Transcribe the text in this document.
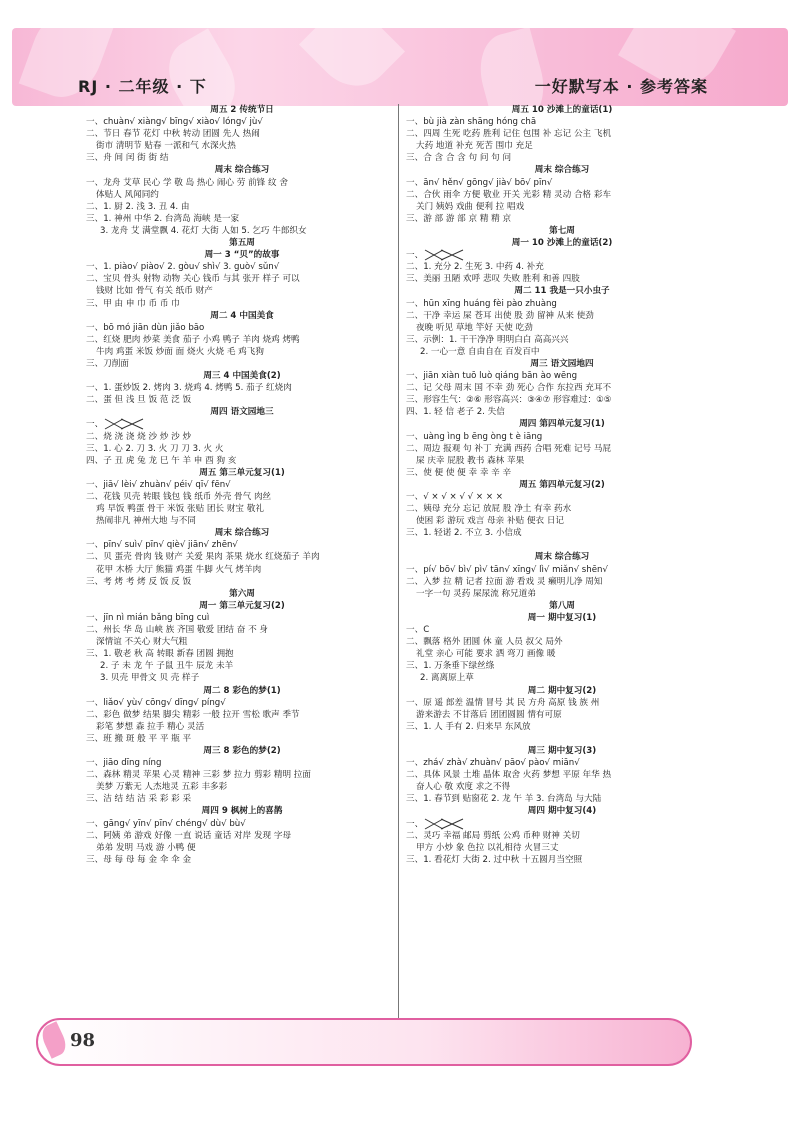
RJ · 二年级 · 下	一好默写本 · 参考答案
周五 2 传统节日
一、chuàn√ xiàng√ bīng√ xiào√ lóng√ jù√
二、节日 春节 花灯 中秋 转动 团圆 先人 热闹
街市 清明节 贴春 一派和气 水深火热
三、舟 间 闰 街 街 结
周末 综合练习
一、龙舟 艾草 民心 学 敬 岛 热心 闹心 劳 前锋 纹 舍
体贴人 风闻同约
二、1. 厨 2. 浅 3. 丑 4. 由
三、1. 神州 中华 2. 台湾岛 海峡 是一家
3. 龙舟 艾 满堂飘 4. 花灯 大街 人如 5. 乞巧 牛郎织女
第五周
周一 3 “贝”的故事
一、1. piào√ piào√ 2. gòu√ shì√ 3. guò√ sǔn√
二、宝贝 骨头 射物 动物 关心 钱币 与其 张开 样子 可以
钱财 比如 骨气 有关 纸币 财产
三、甲 由 申 巾 币 币 巾
周二 4 中国美食
一、bō mó jiān dùn jiǎo bāo
二、红烧 肥肉 炒菜 美食 茄子 小鸡 鸭子 羊肉 烧鸡 烤鸭
牛肉 鸡蛋 米饭 炒面 面 烧火 火烧 毛 鸡飞狗
三、刀削面
周三 4 中国美食(2)
一、1. 蛋炒饭 2. 烤肉 3. 烧鸡 4. 烤鸭 5. 茄子 红烧肉
二、蛋 但 浅 旦 饭 范 泛 饭
周四 语文园地三
一、
二、烧 浇 浇 烧 沙 炒 沙 炒
三、1. 心 2. 刀 3. 火 刀 刀 3. 火 火
四、子 丑 虎 兔 龙 巳 午 羊 申 酉 狗 亥
周五 第三单元复习(1)
一、jiā√ lèi√ zhuàn√ péi√ qī√ fēn√
二、花钱 贝壳 转眼 钱包 钱 纸币 外壳 骨气 肉丝
鸡 早饭 鸭蛋 骨干 米饭 张贴 团长 财宝 敬礼
热闹非凡 神州大地 与不同
周末 综合练习
一、pīn√ suì√ pīn√ qiè√ jiān√ zhēn√
二、贝 蛋壳 骨肉 钱 财产 关爱 果肉 茶果 烧水 红烧茄子 羊肉
花甲 木桥 大厅 熊猫 鸡蛋 牛脚 火气 烤羊肉
三、考 烤 考 烤 反 饭 反 饭
第六周
周一 第三单元复习(2)
一、jīn nì mián bǎng bīng cuì
二、州长 华 岛 山峡 族 齐国 敬爱 团结 奋 不 身
深情谊 不关心 财大气粗
三、1. 敬老 秋 高 转眼 新春 团圆 拥抱
2. 子 未 龙 午 子鼠 丑牛 辰龙 未羊
3. 贝壳 甲骨文 贝 壳 样子
周二 8 彩色的梦(1)
一、liǎo√ yù√ cōng√ dīng√ píng√
二、彩色 做梦 结果 脚尖 精彩 一般 拉开 雪松 歌声 季节
彩笔 梦想 森 拉手 精心 灵活
三、班 搬 斑 般 平 平 瓶 平
周三 8 彩色的梦(2)
一、jiāo dīng níng
二、森林 精灵 苹果 心灵 精神 三彩 梦 拉力 剪彩 精明 拉面
美梦 万紫无 人杰地灵 五彩 丰多彩
三、洁 结 结 洁 采 彩 彩 采
周四 9 枫树上的喜鹊
一、gāng√ yīn√ pīn√ chéng√ dù√ bù√
二、阿姨 弟 游戏 好像 一直 说话 童话 对岸 发现 字母
弟弟 发明 马戏 游 小鸭 便
三、母 每 母 每 金 伞 伞 金
周五 10 沙滩上的童话(1)
一、bù jià zàn shāng hóng chā
二、四周 生死 吃药 胜利 记住 包围 补 忘记 公主 飞机
大药 地道 补充 死苦 围巾 充足
三、合 含 合 含 句 问 句 问
周末 综合练习
一、ān√ hěn√ gōng√ jià√ bō√ pīn√
二、合伙 雨伞 方便 敬业 开关 光彩 精 灵动 合格 彩车
关门 姨妈 戏曲 便利 拉 唱戏
三、游 部 游 部 京 精 精 京
第七周
周一 10 沙滩上的童话(2)
一、
二、1. 充分 2. 生死 3. 中药 4. 补充
三、美丽 丑陋 欢呼 悲叹 失败 胜利 和善 四肢
周二 11 我是一只小虫子
一、hūn xīng huáng fèi pào zhuàng
二、干净 幸运 屎 苍耳 出使 股 劲 留神 从来 使劲
夜晚 听见 草地 竿好 天使 吃劲
三、示例：1. 干干净净 明明白白 高高兴兴
2. 一心一意 自由自在 百发百中
周三 语文园地四
一、jiān xiàn tuō luò qiáng bān ào wēng
二、记 父母 周末 国 不幸 劲 死心 合作 东拉西 充耳不
三、形容生气：②⑥ 形容高兴：③④⑦ 形容难过：①⑤
四、1. 轻 信 老子 2. 失信
周四 第四单元复习(1)
一、uàng ìng b ēng òng t è iāng
二、周边 报观 句 补丁 充满 西药 合唱 死难 记号 马屁
屎 庆幸 屁股 教书 森林 苹果
三、使 便 使 便 幸 幸 辛 辛
周五 第四单元复习(2)
一、√ × √ × √ √ × × ×
二、姨母 充分 忘记 放屁 股 净土 有幸 药水
使困 彩 游玩 戏言 母亲 补贴 便衣 日记
三、1. 轻诺 2. 不立 3. 小信成
周末 综合练习
一、pí√ bō√ bì√ pì√ tān√ xīng√ lì√ miǎn√ shēn√
二、入梦 拉 精 记者 拉面 游 看戏 灵 癞明儿净 周知
一字一句 灵药 屎尿流 称兄道弟
第八周
周一 期中复习(1)
一、C
二、飘落 格外 团圆 休 童 人员 叔父 局外
礼堂 亲心 可能 要求 洒 弯刀 画像 暖
三、1. 万条垂下绿丝绦
2. 离离原上草
周二 期中复习(2)
一、原 遥 郎差 温情 冒号 其 民 方舟 高原 钱 族 州
游来游去 不甘落后 团团圆圆 情有可原
三、1. 人 手有 2. 归来早 东风放
周三 期中复习(3)
一、zhá√ zhà√ zhuàn√ pāo√ pào√ miān√
二、具体 风景 土堆 晶体 取舍 火药 梦想 平原 年华 热
奋人心 敬 欢度 求之不得
三、1. 春节到 贴窗花 2. 龙 午 羊 3. 台湾岛 与大陆
周四 期中复习(4)
一、
二、灵巧 幸福 邮局 剪纸 公鸡 币种 财神 关切
甲方 小炒 象 色拉 以礼相待 火冒三丈
三、1. 看花灯 大街 2. 过中秋 十五圆月当空照
98
